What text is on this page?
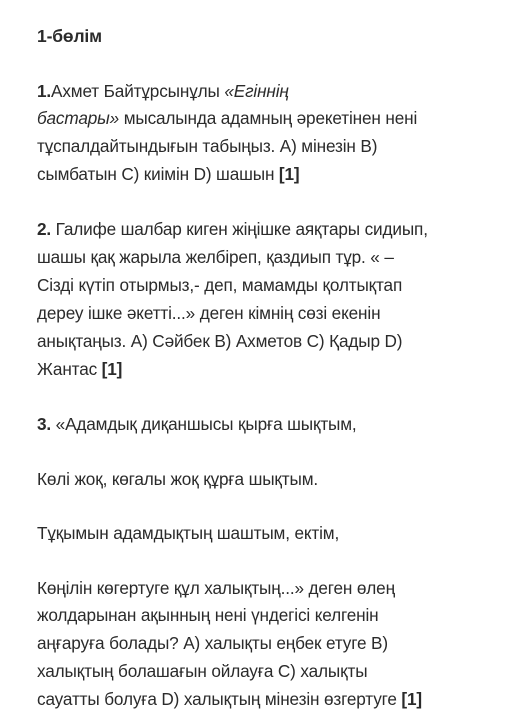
1-бөлім
1.Ахмет Байтұрсынұлы «Егіннің
бастары» мысалында адамның әрекетінен нені
тұспалдайтындығын табыңыз. А) мінезін В)
сымбатын С) киімін D) шашын [1]
2. Галифе шалбар киген жіңішке аяқтары сидиып,
шашы қақ жарыла желбіреп, қаздиып тұр. « –
Сізді күтіп отырмыз,- деп, мамамды қолтықтап
дереу ішке әкетті...» деген кімнің сөзі екенін
анықтаңыз. А) Сәйбек В) Ахметов С) Қадыр D)
Жантас [1]
3. «Адамдық диқаншысы қырға шықтым,
Көлі жоқ, көгалы жоқ құрға шықтым.
Тұқымын адамдықтың шаштым, ектім,
Көңілін көгертуге құл халықтың...» деген өлең
жолдарынан ақынның нені үндегісі келгенін
аңғаруға болады? А) халықты еңбек етуге В)
халықтың болашағын ойлауға С) халықты
сауатты болуға D) халықтың мінезін өзгертуге [1]
